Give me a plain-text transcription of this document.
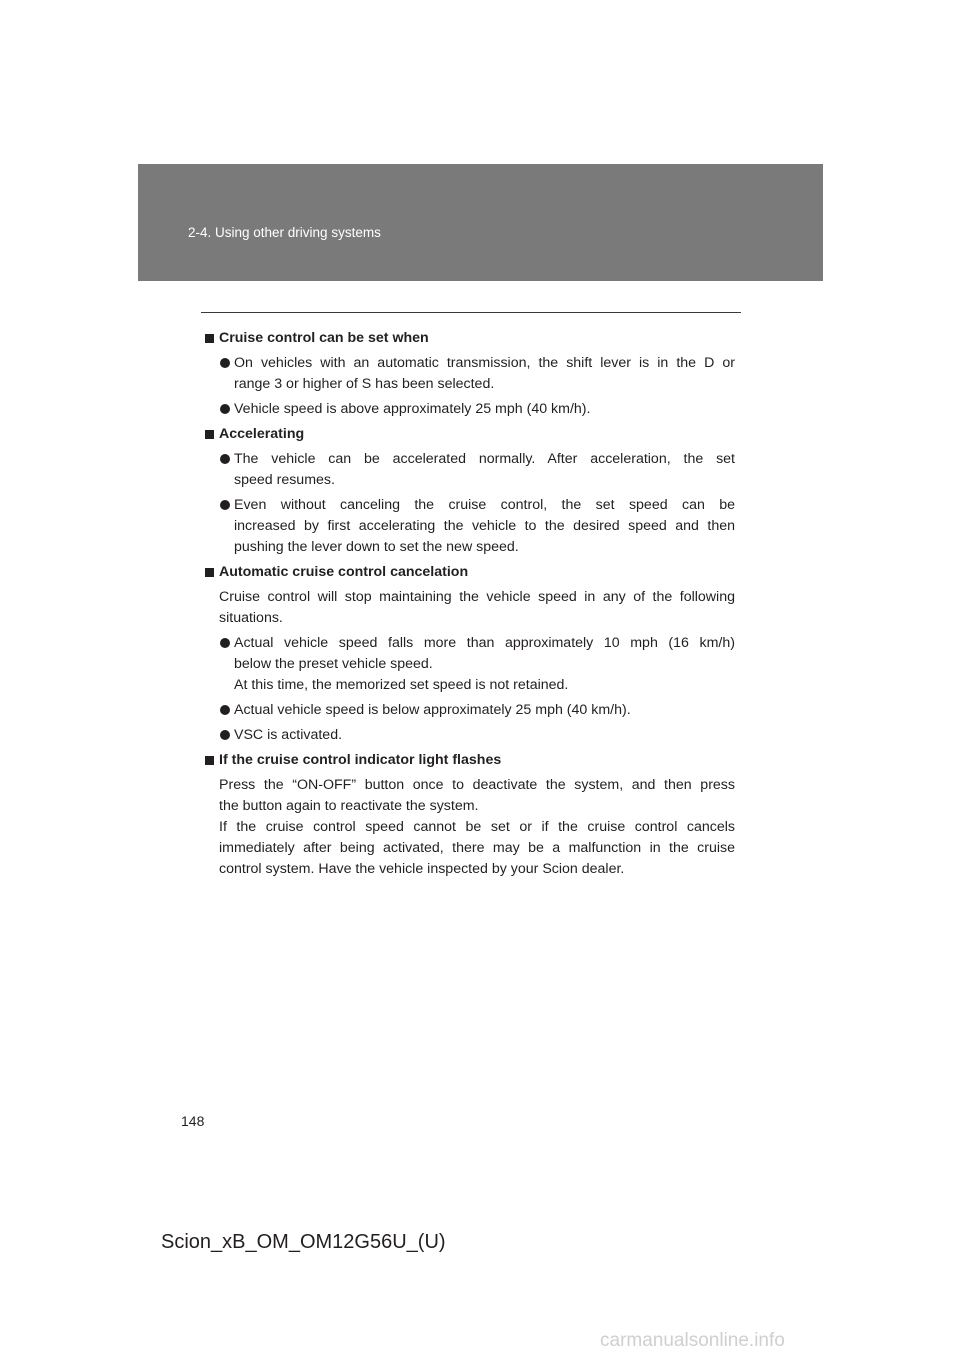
2-4. Using other driving systems
Cruise control can be set when
On vehicles with an automatic transmission, the shift lever is in the D or
range 3 or higher of S has been selected.
Vehicle speed is above approximately 25 mph (40 km/h).
Accelerating
The vehicle can be accelerated normally. After acceleration, the set
speed resumes.
Even without canceling the cruise control, the set speed can be
increased by first accelerating the vehicle to the desired speed and then
pushing the lever down to set the new speed.
Automatic cruise control cancelation
Cruise control will stop maintaining the vehicle speed in any of the following
situations.
Actual vehicle speed falls more than approximately 10 mph (16 km/h)
below the preset vehicle speed.
At this time, the memorized set speed is not retained.
Actual vehicle speed is below approximately 25 mph (40 km/h).
VSC is activated.
If the cruise control indicator light flashes
Press the “ON-OFF” button once to deactivate the system, and then press
the button again to reactivate the system.
If the cruise control speed cannot be set or if the cruise control cancels
immediately after being activated, there may be a malfunction in the cruise
control system. Have the vehicle inspected by your Scion dealer.
148
Scion_xB_OM_OM12G56U_(U)
carmanualsonline.info
